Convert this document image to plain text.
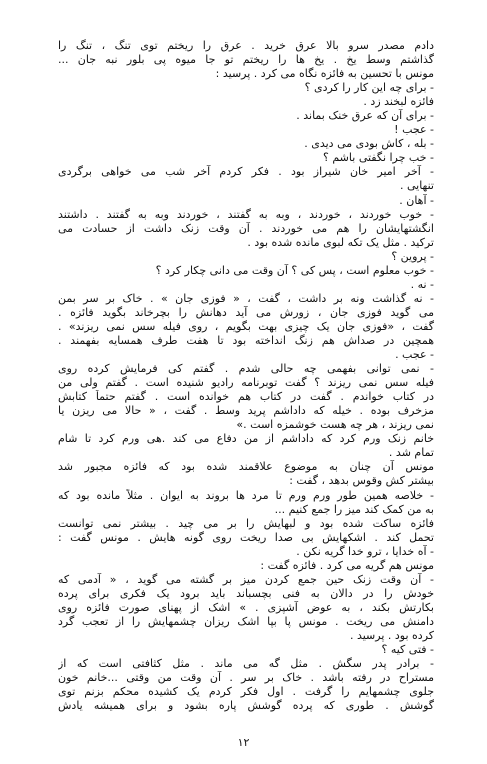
دادم مصدر سرو بالا عرق خرید . عرق را ریختم توی تنگ ، تنگ را
گذاشتم وسط یخ . یخ ها را ریختم تو جا میوه پی بلور نبه جان ...
مونس با تحسین به فائزه نگاه می کرد . پرسید :
- برای چه این کار را کردی ؟
فائزه لبخند زد .
- برای آن که عرق خنک بماند .
- عجب !
- بله ، کاش بودی می دیدی .
- خب چرا نگفتی باشم ؟
- آخر امیر خان شیراز بود . فکر کردم آخر شب می خواهی برگردی
تنهایی .
- آهان .
- خوب خوردند ، خوردند ، وبه به گفتند ، خوردند وبه به گفتند . داشتند
انگشتهایشان را هم می خوردند . آن وقت زنک داشت از حسادت می
ترکید . مثل یک تکه لبوی مانده شده بود .
- پروین ؟
- خوب معلوم است ، پس کی ؟ آن وقت می دانی چکار کرد ؟
- نه .
- نه گذاشت ونه بر داشت ، گفت ، « فوزی جان » . خاک بر سر بمن
می گوید فوزی جان ، زورش می آید دهانش را بچرخاند بگوید فائزه .
گفت ، «فوزی جان یک چیزی بهت بگویم ، روی فیله سس نمی ریزند» .
همچین در صداش هم زنگ انداخته بود تا هفت طرف همسایه بفهمند .
- عجب .
- نمی توانی بفهمی چه حالی شدم . گفتم کی فرمایش کرده روی
فیله سس نمی ریزند ؟ گفت توبرنامه رادیو شنیده است . گفتم ولی من
در کتاب خواندم . گفت در کتاب هم خوانده است . گفتم حتماً کتابش
مزخرف بوده . خیله که داداشم پرید وسط . گفت ، « حالا می ریزن یا
نمی ریزند ، هر چه هست خوشمزه است .»
خانم زنک ورم کرد که داداشم از من دفاع می کند .هی ورم کرد تا شام
تمام شد .
مونس آن چنان به موضوع علاقمند شده بود که فائزه مجبور شد
بیشتر کش وقوس بدهد ، گفت :
- خلاصه همین طور ورم ورم تا مرد ها بروند به ایوان . مثلاً مانده بود که
به من کمک کند میز را جمع کنیم ...
فائزه ساکت شده بود و لبهایش را بر می چید . بیشتر نمی توانست
تحمل کند . اشکهایش بی صدا ریخت روی گونه هایش . مونس گفت :
- آه خدایا ، ترو خدا گریه نکن .
مونس هم گریه می کرد . فائزه گفت :
- آن وقت زنک حین جمع کردن میز بر گشته می گوید ، « آدمی که
خودش را در دالان به فنی بچسباند باید برود یک فکری برای پرده
بکارتش بکند ، به عوض آشپزی . » اشک از پهنای صورت فائزه روی
دامنش می ریخت . مونس پا بپا اشک ریزان چشمهایش را از تعجب گرد
کرده بود . پرسید .
- فتی کیه ؟
- برادر پدر سگش . مثل گه می ماند . مثل کثافتی است که از
مستراح در رفته باشد . خاک بر سر . آن وقت من وقتی ...خانم خون
جلوی چشمهایم را گرفت . اول فکر کردم یک کشیده محکم بزنم توی
گوشش . طوری که پرده گوشش پاره بشود و برای همیشه یادش
۱۲
